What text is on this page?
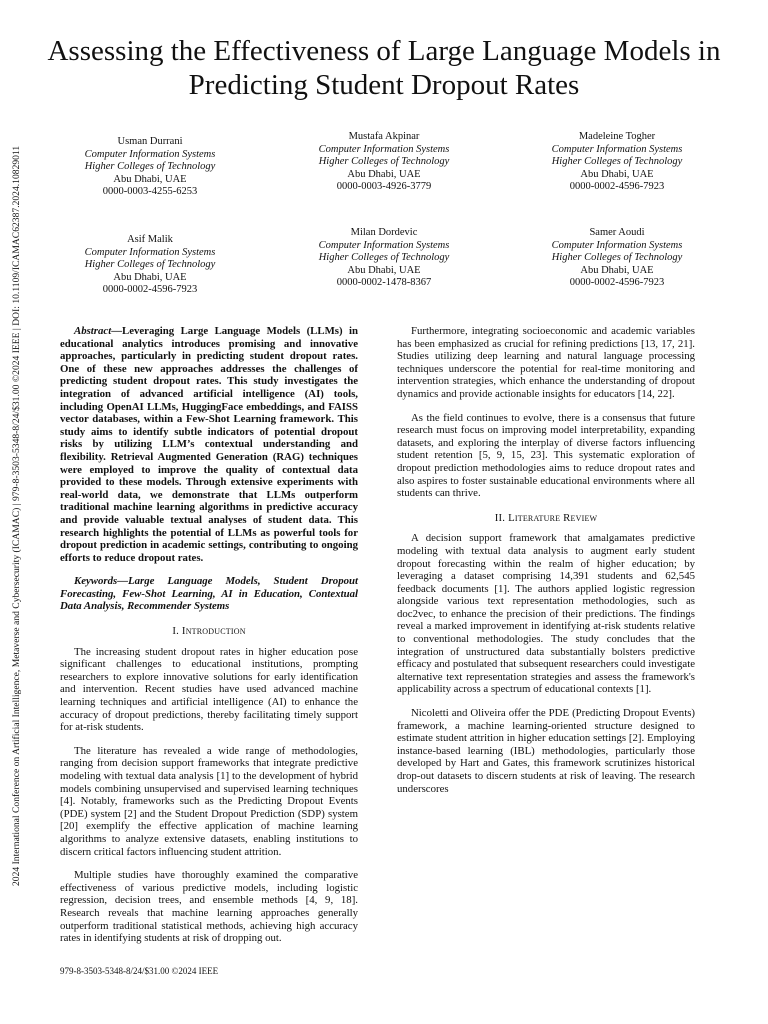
Assessing the Effectiveness of Large Language Models in Predicting Student Dropout Rates
2024 International Conference on Artificial Intelligence, Metaverse and Cybersecurity (ICAMAC) | 979-8-3503-5348-8/24/$31.00 ©2024 IEEE | DOI: 10.1109/ICAMAC62387.2024.10829011
Usman Durrani
Computer Information Systems
Higher Colleges of Technology
Abu Dhabi, UAE
0000-0003-4255-6253
Mustafa Akpinar
Computer Information Systems
Higher Colleges of Technology
Abu Dhabi, UAE
0000-0003-4926-3779
Madeleine Togher
Computer Information Systems
Higher Colleges of Technology
Abu Dhabi, UAE
0000-0002-4596-7923
Asif Malik
Computer Information Systems
Higher Colleges of Technology
Abu Dhabi, UAE
0000-0002-4596-7923
Milan Dordevic
Computer Information Systems
Higher Colleges of Technology
Abu Dhabi, UAE
0000-0002-1478-8367
Samer Aoudi
Computer Information Systems
Higher Colleges of Technology
Abu Dhabi, UAE
0000-0002-4596-7923

Abstract—Leveraging Large Language Models (LLMs) in educational analytics introduces promising and innovative approaches, particularly in predicting student dropout rates. One of these new approaches addresses the challenges of predicting student dropout rates. This study investigates the integration of advanced artificial intelligence (AI) tools, including OpenAI LLMs, HuggingFace embeddings, and FAISS vector databases, within a Few-Shot Learning framework. This study aims to identify subtle indicators of potential dropout risks by utilizing LLM’s contextual understanding and flexibility. Retrieval Augmented Generation (RAG) techniques were employed to improve the quality of contextual data provided to these models. Through extensive experiments with real-world data, we demonstrate that LLMs outperform traditional machine learning algorithms in predictive accuracy and provide valuable textual analyses of student data. This research highlights the potential of LLMs as powerful tools for dropout prediction in academic settings, contributing to ongoing efforts to reduce dropout rates.

Keywords—Large Language Models, Student Dropout Forecasting, Few-Shot Learning, AI in Education, Contextual Data Analysis, Recommender Systems

I. Introduction

The increasing student dropout rates in higher education pose significant challenges to educational institutions, prompting researchers to explore innovative solutions for early identification and intervention. Recent studies have used advanced machine learning techniques and artificial intelligence (AI) to enhance the accuracy of dropout predictions, thereby facilitating timely support for at-risk students.

The literature has revealed a wide range of methodologies, ranging from decision support frameworks that integrate predictive modeling with textual data analysis [1] to the development of hybrid models combining unsupervised and supervised learning techniques [4]. Notably, frameworks such as the Predicting Dropout Events (PDE) system [2] and the Student Dropout Prediction (SDP) system [20] exemplify the effective application of machine learning algorithms to analyze extensive datasets, enabling institutions to discern critical factors influencing student attrition.

Multiple studies have thoroughly examined the comparative effectiveness of various predictive models, including logistic regression, decision trees, and ensemble methods [4, 9, 18]. Research reveals that machine learning approaches generally outperform traditional statistical methods, achieving high accuracy rates in identifying students at risk of dropping out.

Furthermore, integrating socioeconomic and academic variables has been emphasized as crucial for refining predictions [13, 17, 21]. Studies utilizing deep learning and natural language processing techniques underscore the potential for real-time monitoring and intervention strategies, which enhance the understanding of dropout dynamics and provide actionable insights for educators [14, 22].

As the field continues to evolve, there is a consensus that future research must focus on improving model interpretability, expanding datasets, and exploring the interplay of diverse factors influencing student retention [5, 9, 15, 23]. This systematic exploration of dropout prediction methodologies aims to reduce dropout rates and also aspires to foster sustainable educational environments where all students can thrive.

II. Literature Review

A decision support framework that amalgamates predictive modeling with textual data analysis to augment early student dropout forecasting within the realm of higher education; by leveraging a dataset comprising 14,391 students and 62,545 feedback documents [1]. The authors applied logistic regression alongside various text representation methodologies, such as doc2vec, to enhance the precision of their predictions. The findings reveal a marked improvement in identifying at-risk students relative to conventional methodologies. The study concludes that the integration of unstructured data substantially bolsters predictive efficacy and postulated that subsequent researchers could investigate alternative text representation strategies and assess the framework's applicability across a spectrum of educational contexts [1].

Nicoletti and Oliveira offer the PDE (Predicting Dropout Events) framework, a machine learning-oriented structure designed to estimate student attrition in higher education settings [2]. Employing instance-based learning (IBL) methodologies, particularly those developed by Hart and Gates, this framework scrutinizes historical drop-out datasets to discern students at risk of leaving. The research underscores

979-8-3503-5348-8/24/$31.00 ©2024 IEEE
